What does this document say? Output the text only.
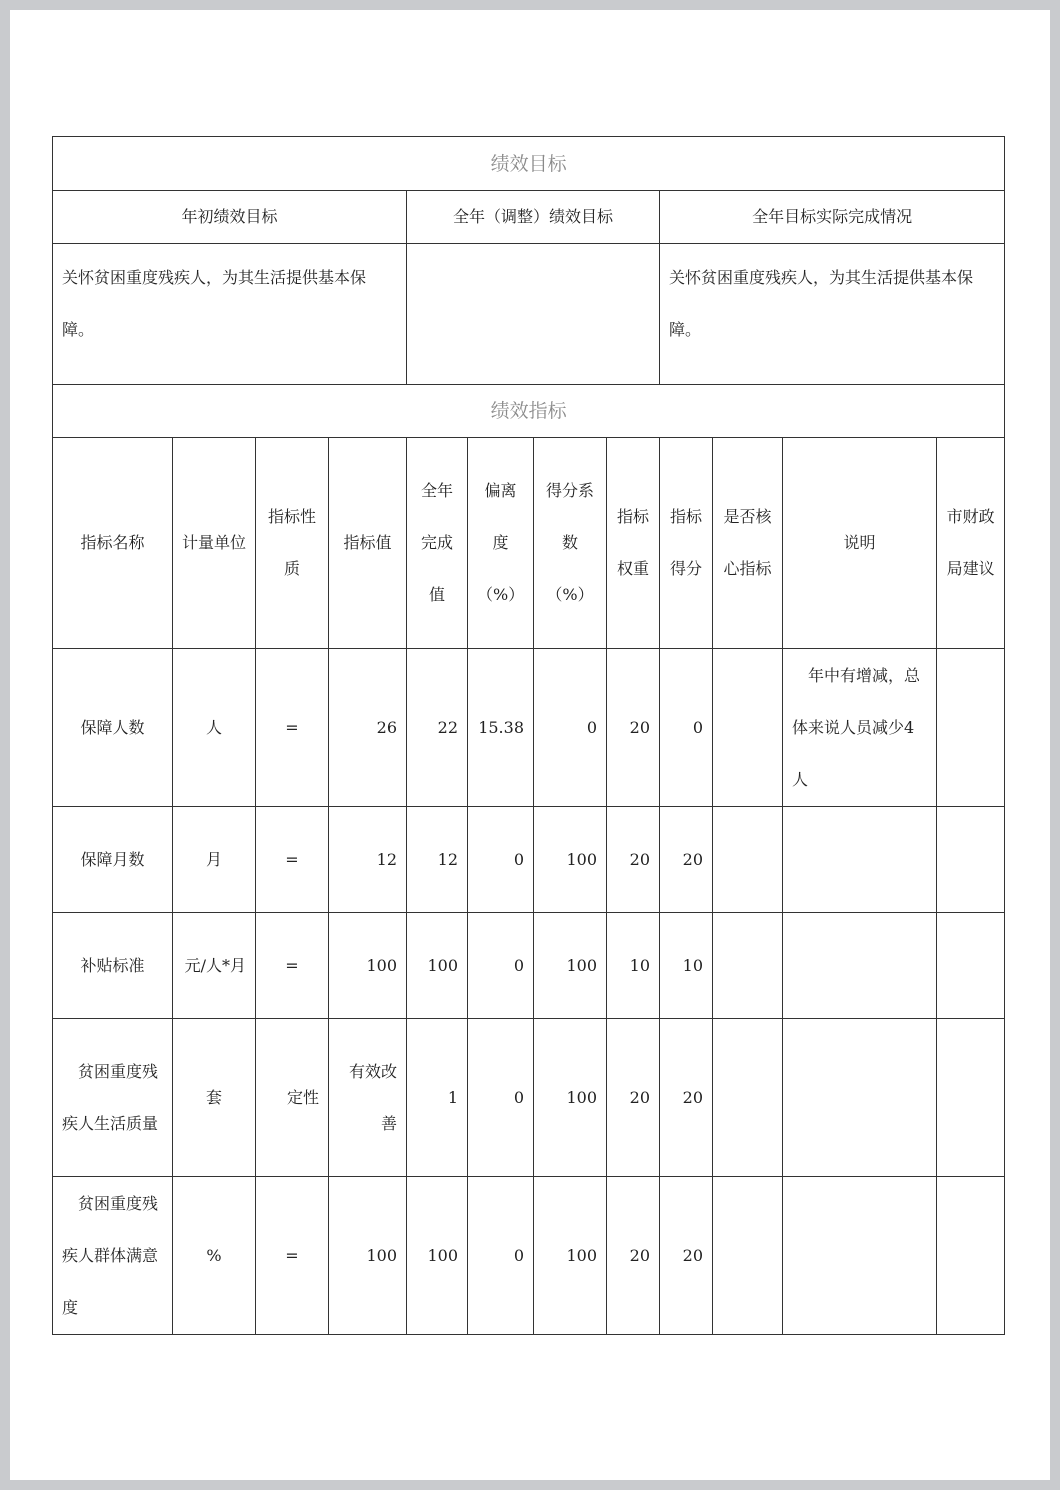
绩效目标											
年初绩效目标				全年（调整）绩效目标				全年目标实际完成情况			
关怀贫困重度残疾人，为其生活提供基本保障。								关怀贫困重度残疾人，为其生活提供基本保障。			
绩效指标											
指标名称	计量单位	指标性质	指标值	全年完成值	偏离度（%）	得分系数（%）	指标权重	指标得分	是否核心指标	说明	市财政局建议
保障人数	人	=	26	22	15.38	0	20	0		年中有增减，总体来说人员减少4人	
保障月数	月	=	12	12	0	100	20	20			
补贴标准	元/人*月	=	100	100	0	100	10	10			
贫困重度残疾人生活质量	套	定性	有效改善	1	0	100	20	20			
贫困重度残疾人群体满意度	%	=	100	100	0	100	20	20			
